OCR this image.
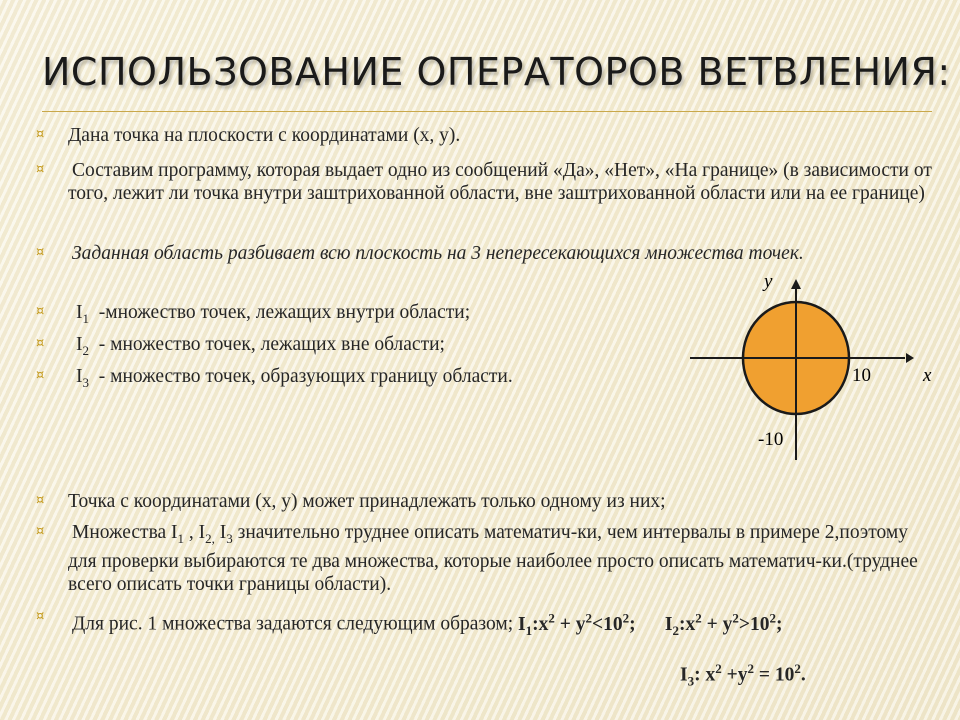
ИСПОЛЬЗОВАНИЕ ОПЕРАТОРОВ ВЕТВЛЕНИЯ:
¤ Дана точка на плоскости с координатами (x, y).
¤ Составим программу, которая выдает одно из сообщений «Да», «Нет», «На границе» (в зависимости от того, лежит ли точка внутри заштрихованной области, вне заштрихованной области или на ее границе)
¤ Заданная область разбивает всю плоскость на 3 непересекающихся множества точек.
¤ $I_1$ -множество точек, лежащих внутри области;
¤ $I_2$ - множество точек, лежащих вне области;
¤ $I_3$ - множество точек, образующих границу области.
y
x
10
-10
¤ Точка с координатами (x, y) может принадлежать только одному из них;
¤ Множества $I_1$ , $I_{2,}$ $I_3$ значительно труднее описать математич-ки, чем интервалы в примере 2,поэтому для проверки выбираются те два множества, которые наиболее просто описать математич-ки.(труднее всего описать точки границы области).
¤ Для рис. 1 множества задаются следующим образом; $I_1:x^2 + y^2<10^2$; $I_2:x^2 + y^2>10^2$;
$I_3$: $x^2 +y^2 = 10^2$.
